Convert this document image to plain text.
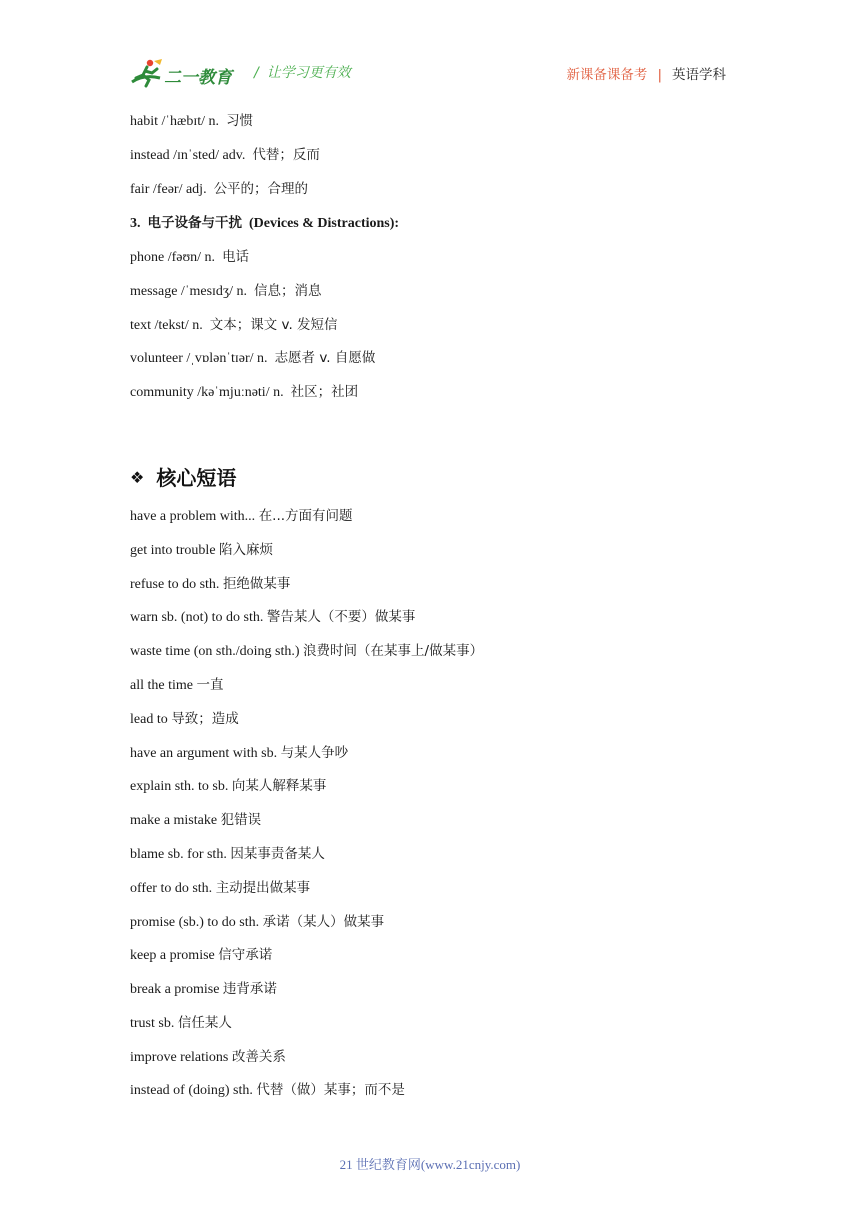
二一教育 / 让学习更有效	新课备课备考 | 英语学科
habit /ˈhæbɪt/ n. 习惯
instead /ɪnˈsted/ adv. 代替；反而
fair /feər/ adj. 公平的；合理的
3. 电子设备与干扰 (Devices & Distractions):
phone /fəʊn/ n. 电话
message /ˈmesɪdʒ/ n. 信息；消息
text /tekst/ n. 文本；课文 v. 发短信
volunteer /ˌvɒlənˈtɪər/ n. 志愿者 v. 自愿做
community /kəˈmjuːnəti/ n. 社区；社团
❖ 核心短语
have a problem with... 在...方面有问题
get into trouble 陷入麻烦
refuse to do sth. 拒绝做某事
warn sb. (not) to do sth. 警告某人（不要）做某事
waste time (on sth./doing sth.) 浪费时间（在某事上/做某事）
all the time 一直
lead to 导致；造成
have an argument with sb. 与某人争吵
explain sth. to sb. 向某人解释某事
make a mistake 犯错误
blame sb. for sth. 因某事责备某人
offer to do sth. 主动提出做某事
promise (sb.) to do sth. 承诺（某人）做某事
keep a promise 信守承诺
break a promise 违背承诺
trust sb. 信任某人
improve relations 改善关系
instead of (doing) sth. 代替（做）某事；而不是
21 世纪教育网(www.21cnjy.com)
